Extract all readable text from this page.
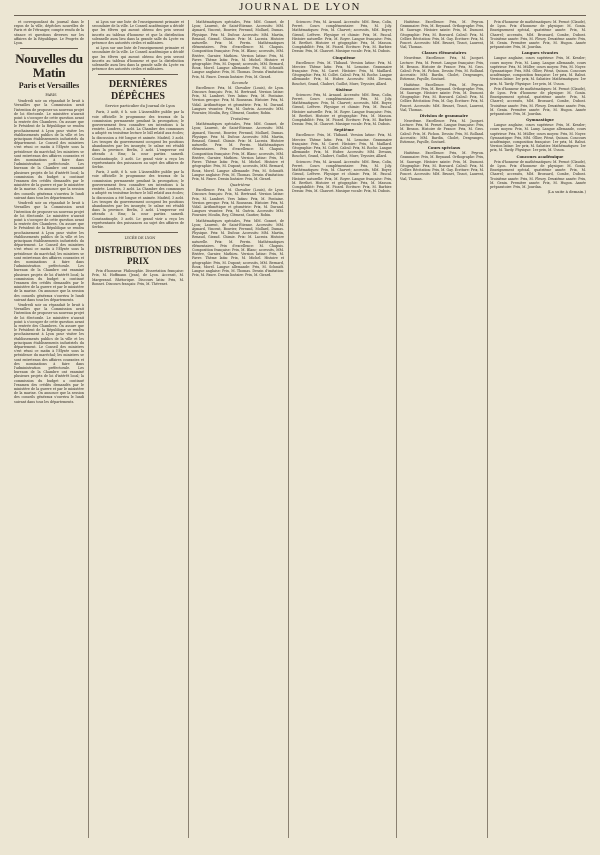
JOURNAL DE LYON

et correspondant du journal dans le rayon de la ville, dépêches nouvelles de Paris et de l'étranger, compte rendu de la séance et questions diverses sur les affaires de la République. Le Progrès de Lyon.

Nouvelles du Matin
Paris et Versailles

PARIS

Vendredi soir on répandait le bruit à Versailles que la Commission avait l'intention de proposer un nouveau projet de loi électorale. Le ministère n'aurait point à s'occuper de cette question avant la rentrée des Chambres. On assure que le Président de la République se rendra prochainement à Lyon pour visiter les établissements publics de la ville et les principaux établissements industriels du département. Le Conseil des ministres s'est réuni ce matin à l'Élysée sous la présidence du maréchal; les ministres se sont entretenus des affaires courantes et des nominations à faire dans l'administration préfectorale. Les bureaux de la Chambre ont examiné plusieurs projets de loi d'intérêt local; la commission du budget a continué l'examen des crédits demandés par le ministère de la guerre et par le ministère de la marine. On annonce que la session des conseils généraux s'ouvrira le lundi suivant dans tous les départements.

Vendredi soir on répandait le bruit à Versailles que la Commission avait l'intention de proposer un nouveau projet de loi électorale. Le ministère n'aurait point à s'occuper de cette question avant la rentrée des Chambres. On assure que le Président de la République se rendra prochainement à Lyon pour visiter les établissements publics de la ville et les principaux établissements industriels du département. Le Conseil des ministres s'est réuni ce matin à l'Élysée sous la présidence du maréchal; les ministres se sont entretenus des affaires courantes et des nominations à faire dans l'administration préfectorale. Les bureaux de la Chambre ont examiné plusieurs projets de loi d'intérêt local; la commission du budget a continué l'examen des crédits demandés par le ministère de la guerre et par le ministère de la marine. On annonce que la session des conseils généraux s'ouvrira le lundi suivant dans tous les départements.

Vendredi soir on répandait le bruit à Versailles que la Commission avait l'intention de proposer un nouveau projet de loi électorale. Le ministère n'aurait point à s'occuper de cette question avant la rentrée des Chambres. On assure que le Président de la République se rendra prochainement à Lyon pour visiter les établissements publics de la ville et les principaux établissements industriels du département. Le Conseil des ministres s'est réuni ce matin à l'Élysée sous la présidence du maréchal; les ministres se sont entretenus des affaires courantes et des nominations à faire dans l'administration préfectorale. Les bureaux de la Chambre ont examiné plusieurs projets de loi d'intérêt local; la commission du budget a continué l'examen des crédits demandés par le ministère de la guerre et par le ministère de la marine. On annonce que la session des conseils généraux s'ouvrira le lundi suivant dans tous les départements.

ni Lyon sur une liste de l'enseignement primaire et secondaire de la ville. Le Conseil académique a décidé que les élèves qui auront obtenu des prix seront inscrits au tableau d'honneur et que la distribution solennelle aura lieu dans la grande salle du Lycée en présence des autorités civiles et militaires.

ni Lyon sur une liste de l'enseignement primaire et secondaire de la ville. Le Conseil académique a décidé que les élèves qui auront obtenu des prix seront inscrits au tableau d'honneur et que la distribution solennelle aura lieu dans la grande salle du Lycée en présence des autorités civiles et militaires.

DERNIÈRES DÉPÊCHES

Service particulier du Journal de Lyon

Paris, 3 août, 6 h. soir. L'Assemblée publie par la voie officielle le programme des travaux de la commission permanente pendant la prorogation; le gouvernement fera connaître ses intentions à la rentrée. Londres, 3 août. La Chambre des communes a adopté en troisième lecture le bill relatif aux écoles; la discussion a été longue et animée. Madrid, 3 août. Les troupes du gouvernement occupent les positions abandonnées par les insurgés; le calme est rétabli dans la province. Berlin, 3 août. L'empereur est attendu à Ems; la cour partira samedi. Constantinople, 3 août. Le grand vizir a reçu les représentants des puissances au sujet des affaires de Serbie.

Paris, 3 août, 6 h. soir. L'Assemblée publie par la voie officielle le programme des travaux de la commission permanente pendant la prorogation; le gouvernement fera connaître ses intentions à la rentrée. Londres, 3 août. La Chambre des communes a adopté en troisième lecture le bill relatif aux écoles; la discussion a été longue et animée. Madrid, 3 août. Les troupes du gouvernement occupent les positions abandonnées par les insurgés; le calme est rétabli dans la province. Berlin, 3 août. L'empereur est attendu à Ems; la cour partira samedi. Constantinople, 3 août. Le grand vizir a reçu les représentants des puissances au sujet des affaires de Serbie.

LYCÉE DE LYON

DISTRIBUTION DES PRIX

Prix d'honneur. Philosophie. Dissertation française: Prix, M. Hoffmann (Jean), de Lyon. Accessit, M. Margerand. Rhétorique. Discours latin: Prix, M. Bonnet. Discours français: Prix, M. Thévenet.

Mathématiques spéciales. Prix: MM. Gonnet, de Lyon; Laurent, de Saint-Étienne. Accessits: MM. Aymard, Vincent, Bouvier, Ferrand, Mollard, Dumas. Physique. Prix: M. Dufour. Accessits: MM. Martin, Renaud, Giraud. Chimie. Prix: M. Lacroix. Histoire naturelle. Prix: M. Perrin. Mathématiques élémentaires. Prix d'excellence: M. Chapuis. Composition française: Prix, M. Blanc; accessits, MM. Rivière, Garnier, Mathieu. Version latine: Prix, M. Favre. Thème latin: Prix, M. Michel. Histoire et géographie: Prix, M. Dupont; accessits, MM. Bernard, Roux, Morel. Langue allemande: Prix, M. Schmidt. Langue anglaise: Prix, M. Thomas. Dessin d'imitation: Prix, M. Faure. Dessin linéaire: Prix, M. Girard.

Seconde

Excellence: Prix, M. Chevalier (Louis), de Lyon. Discours français: Prix, M. Bertrand. Version latine: Prix, M. Lambert. Vers latins: Prix, M. Fontaine. Version grecque: Prix, M. Rousseau. Histoire: Prix, M. Vidal. Arithmétique et géométrie: Prix, M. Durand. Langues vivantes: Prix, M. Guérin. Accessits: MM. Fournier, Moulin, Rey, Clément, Gautier, Robin.

Troisième

Mathématiques spéciales. Prix: MM. Gonnet, de Lyon; Laurent, de Saint-Étienne. Accessits: MM. Aymard, Vincent, Bouvier, Ferrand, Mollard, Dumas. Physique. Prix: M. Dufour. Accessits: MM. Martin, Renaud, Giraud. Chimie. Prix: M. Lacroix. Histoire naturelle. Prix: M. Perrin. Mathématiques élémentaires. Prix d'excellence: M. Chapuis. Composition française: Prix, M. Blanc; accessits, MM. Rivière, Garnier, Mathieu. Version latine: Prix, M. Favre. Thème latin: Prix, M. Michel. Histoire et géographie: Prix, M. Dupont; accessits, MM. Bernard, Roux, Morel. Langue allemande: Prix, M. Schmidt. Langue anglaise: Prix, M. Thomas. Dessin d'imitation: Prix, M. Faure. Dessin linéaire: Prix, M. Girard.

Quatrième

Excellence: Prix, M. Chevalier (Louis), de Lyon. Discours français: Prix, M. Bertrand. Version latine: Prix, M. Lambert. Vers latins: Prix, M. Fontaine. Version grecque: Prix, M. Rousseau. Histoire: Prix, M. Vidal. Arithmétique et géométrie: Prix, M. Durand. Langues vivantes: Prix, M. Guérin. Accessits: MM. Fournier, Moulin, Rey, Clément, Gautier, Robin.

Mathématiques spéciales. Prix: MM. Gonnet, de Lyon; Laurent, de Saint-Étienne. Accessits: MM. Aymard, Vincent, Bouvier, Ferrand, Mollard, Dumas. Physique. Prix: M. Dufour. Accessits: MM. Martin, Renaud, Giraud. Chimie. Prix: M. Lacroix. Histoire naturelle. Prix: M. Perrin. Mathématiques élémentaires. Prix d'excellence: M. Chapuis. Composition française: Prix, M. Blanc; accessits, MM. Rivière, Garnier, Mathieu. Version latine: Prix, M. Favre. Thème latin: Prix, M. Michel. Histoire et géographie: Prix, M. Dupont; accessits, MM. Bernard, Roux, Morel. Langue allemande: Prix, M. Schmidt. Langue anglaise: Prix, M. Thomas. Dessin d'imitation: Prix, M. Faure. Dessin linéaire: Prix, M. Girard.

Sciences: Prix, M. Arnaud. Accessits: MM. Brun, Colin, Perret. Cours complémentaire: Prix, M. Joly. Mathématiques: Prix, M. Charvet; accessits, MM. Boyer, Giroud, Lefèvre. Physique et chimie: Prix, M. Pascal. Histoire naturelle: Prix, M. Royer. Langue française: Prix, M. Berthet. Histoire et géographie: Prix, M. Masson. Comptabilité: Prix, M. Picard. Écriture: Prix, M. Barbier. Dessin: Prix, M. Chauvet. Musique vocale: Prix, M. Dubois.

Cinquième

Excellence: Prix, M. Thibaud. Version latine: Prix, M. Mercier. Thème latin: Prix, M. Lemoine. Grammaire française: Prix, M. Carré. Histoire: Prix, M. Maillard. Géographie: Prix, M. Collet. Calcul: Prix, M. Roche. Langue allemande: Prix, M. Huber. Accessits: MM. Devaux, Bouchet, Grand, Chabert, Guillot, Mure, Teyssier, Allard.

Sixième

Sciences: Prix, M. Arnaud. Accessits: MM. Brun, Colin, Perret. Cours complémentaire: Prix, M. Joly. Mathématiques: Prix, M. Charvet; accessits, MM. Boyer, Giroud, Lefèvre. Physique et chimie: Prix, M. Pascal. Histoire naturelle: Prix, M. Royer. Langue française: Prix, M. Berthet. Histoire et géographie: Prix, M. Masson. Comptabilité: Prix, M. Picard. Écriture: Prix, M. Barbier. Dessin: Prix, M. Chauvet. Musique vocale: Prix, M. Dubois.

Septième

Excellence: Prix, M. Thibaud. Version latine: Prix, M. Mercier. Thème latin: Prix, M. Lemoine. Grammaire française: Prix, M. Carré. Histoire: Prix, M. Maillard. Géographie: Prix, M. Collet. Calcul: Prix, M. Roche. Langue allemande: Prix, M. Huber. Accessits: MM. Devaux, Bouchet, Grand, Chabert, Guillot, Mure, Teyssier, Allard.

Sciences: Prix, M. Arnaud. Accessits: MM. Brun, Colin, Perret. Cours complémentaire: Prix, M. Joly. Mathématiques: Prix, M. Charvet; accessits, MM. Boyer, Giroud, Lefèvre. Physique et chimie: Prix, M. Pascal. Histoire naturelle: Prix, M. Royer. Langue française: Prix, M. Berthet. Histoire et géographie: Prix, M. Masson. Comptabilité: Prix, M. Picard. Écriture: Prix, M. Barbier. Dessin: Prix, M. Chauvet. Musique vocale: Prix, M. Dubois.

Huitième. Excellence: Prix, M. Peyron. Grammaire: Prix, M. Reynaud. Orthographe: Prix, M. Sauvage. Histoire sainte: Prix, M. Dumont. Géographie: Prix, M. Bouvard. Calcul: Prix, M. Cellier. Récitation: Prix, M. Gay. Écriture: Prix, M. Poncet. Accessits: MM. Brunet, Tissot, Laurent, Vial, Thomas.

Classes élémentaires

Neuvième. Excellence: Prix, M. Jacquet. Lecture: Prix, M. Pernet. Langue française: Prix, M. Besson. Histoire de France: Prix, M. Gros. Calcul: Prix, M. Pichon. Dessin: Prix, M. Rolland. Accessits: MM. Bardin, Cholet, Desgranges, Estienne, Fayolle, Goutard.

Huitième. Excellence: Prix, M. Peyron. Grammaire: Prix, M. Reynaud. Orthographe: Prix, M. Sauvage. Histoire sainte: Prix, M. Dumont. Géographie: Prix, M. Bouvard. Calcul: Prix, M. Cellier. Récitation: Prix, M. Gay. Écriture: Prix, M. Poncet. Accessits: MM. Brunet, Tissot, Laurent, Vial, Thomas.

Division de grammaire

Neuvième. Excellence: Prix, M. Jacquet. Lecture: Prix, M. Pernet. Langue française: Prix, M. Besson. Histoire de France: Prix, M. Gros. Calcul: Prix, M. Pichon. Dessin: Prix, M. Rolland. Accessits: MM. Bardin, Cholet, Desgranges, Estienne, Fayolle, Goutard.

Cours spéciaux

Huitième. Excellence: Prix, M. Peyron. Grammaire: Prix, M. Reynaud. Orthographe: Prix, M. Sauvage. Histoire sainte: Prix, M. Dumont. Géographie: Prix, M. Bouvard. Calcul: Prix, M. Cellier. Récitation: Prix, M. Gay. Écriture: Prix, M. Poncet. Accessits: MM. Brunet, Tissot, Laurent, Vial, Thomas.

Prix d'honneur de mathématiques: M. Pernot (Claude), de Lyon. Prix d'honneur de physique: M. Gonin. Enseignement spécial, quatrième année: Prix, M. Charrel; accessits, MM. Brossard, Combe, Dubost. Troisième année: Prix, M. Fleury. Deuxième année: Prix, M. Genin. Première année: Prix, M. Hugon. Année préparatoire: Prix, M. Jourdan.

Langues vivantes

Langue anglaise, cours supérieur: Prix, M. Kessler; cours moyen: Prix, M. Lamy. Langue allemande, cours supérieur: Prix, M. Müller; cours moyen: Prix, M. Noyer. Gymnastique: Prix, MM. Ollier, Pitrat, Quinon. Concours académique, composition française: 1er prix, M. Rabut. Version latine: 1er prix, M. Sabatier. Mathématiques: 1er prix, M. Tardy. Physique: 1er prix, M. Usson.

Prix d'honneur de mathématiques: M. Pernot (Claude), de Lyon. Prix d'honneur de physique: M. Gonin. Enseignement spécial, quatrième année: Prix, M. Charrel; accessits, MM. Brossard, Combe, Dubost. Troisième année: Prix, M. Fleury. Deuxième année: Prix, M. Genin. Première année: Prix, M. Hugon. Année préparatoire: Prix, M. Jourdan.

Gymnastique

Langue anglaise, cours supérieur: Prix, M. Kessler; cours moyen: Prix, M. Lamy. Langue allemande, cours supérieur: Prix, M. Müller; cours moyen: Prix, M. Noyer. Gymnastique: Prix, MM. Ollier, Pitrat, Quinon. Concours académique, composition française: 1er prix, M. Rabut. Version latine: 1er prix, M. Sabatier. Mathématiques: 1er prix, M. Tardy. Physique: 1er prix, M. Usson.

Concours académique

Prix d'honneur de mathématiques: M. Pernot (Claude), de Lyon. Prix d'honneur de physique: M. Gonin. Enseignement spécial, quatrième année: Prix, M. Charrel; accessits, MM. Brossard, Combe, Dubost. Troisième année: Prix, M. Fleury. Deuxième année: Prix, M. Genin. Première année: Prix, M. Hugon. Année préparatoire: Prix, M. Jourdan.

(La suite à demain.)
